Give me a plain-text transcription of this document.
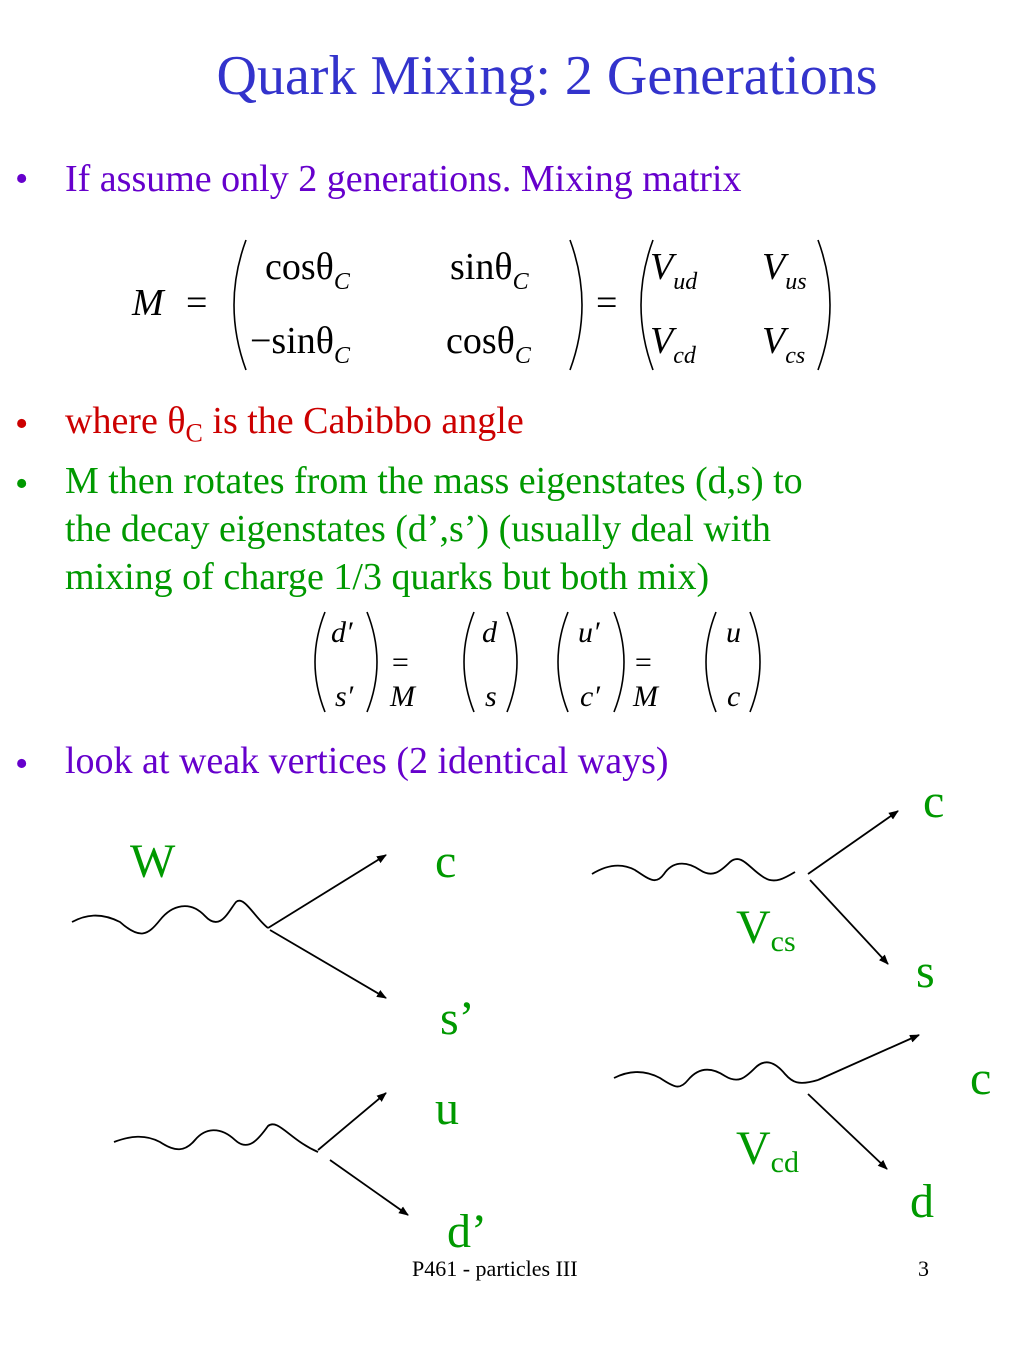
Quark Mixing: 2 Generations
• If assume only 2 generations. Mixing matrix
M =
cosθ$_C$	sinθ$_C$
−sinθ$_C$	cosθ$_C$
=
$V_{ud}$ $V_{us}$
$V_{cd}$ $V_{cs}$
• where $\theta_C$ is the Cabibbo angle
• M then rotates from the mass eigenstates (d,s) to
the decay eigenstates (d’,s’) (usually deal with
mixing of charge 1/3 quarks but both mix)
d′
s′
= M
d
s
u′
c′
= M
u
c
• look at weak vertices (2 identical ways)
W	c
s’
u
d’
c
Vcs
s
c
Vcd
d
P461 - particles III	3
